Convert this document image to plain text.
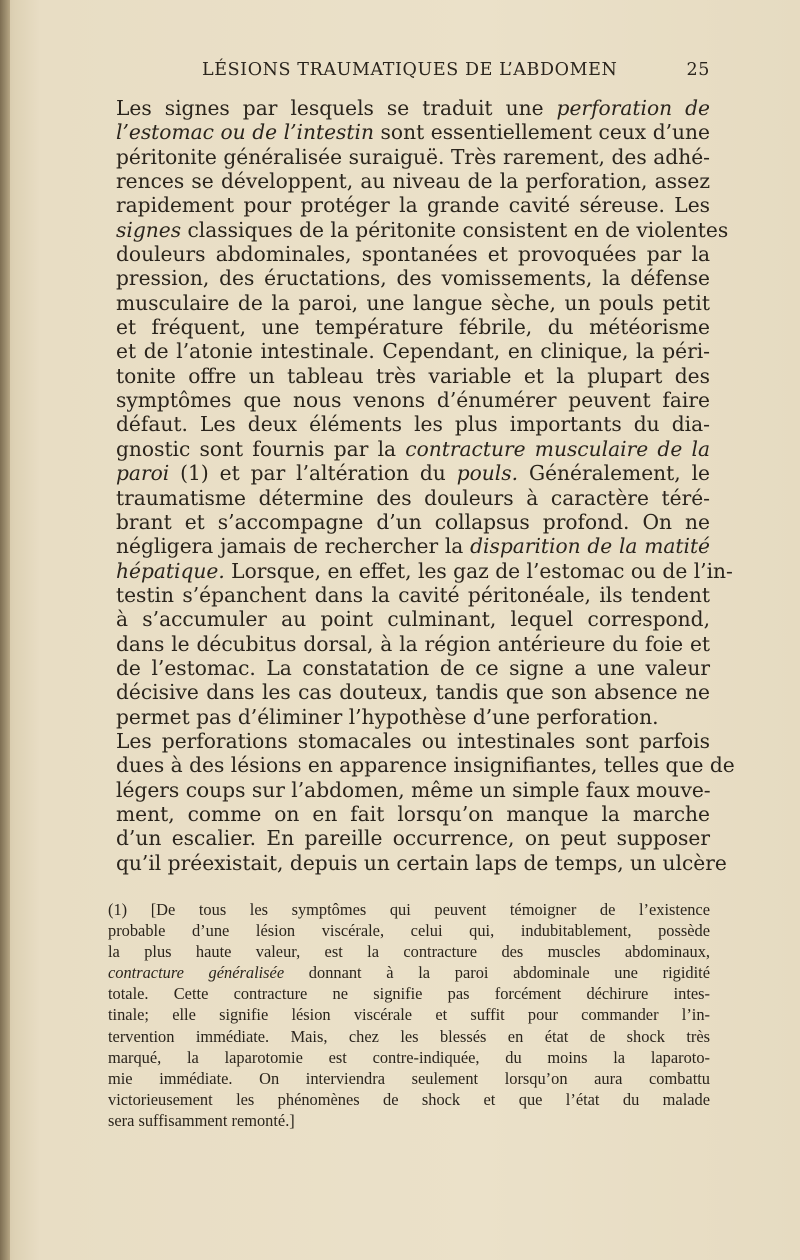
LÉSIONS TRAUMATIQUES DE L’ABDOMEN	25

Les signes par lesquels se traduit une perforation de
l’estomac ou de l’intestin sont essentiellement ceux d’une
péritonite généralisée suraiguë. Très rarement, des adhé-
rences se développent, au niveau de la perforation, assez
rapidement pour protéger la grande cavité séreuse. Les
signes classiques de la péritonite consistent en de violentes
douleurs abdominales, spontanées et provoquées par la
pression, des éructations, des vomissements, la défense
musculaire de la paroi, une langue sèche, un pouls petit
et fréquent, une température fébrile, du météorisme
et de l’atonie intestinale. Cependant, en clinique, la péri-
tonite offre un tableau très variable et la plupart des
symptômes que nous venons d’énumérer peuvent faire
défaut. Les deux éléments les plus importants du dia-
gnostic sont fournis par la contracture musculaire de la
paroi (1) et par l’altération du pouls. Généralement, le
traumatisme détermine des douleurs à caractère téré-
brant et s’accompagne d’un collapsus profond. On ne
négligera jamais de rechercher la disparition de la matité
hépatique. Lorsque, en effet, les gaz de l’estomac ou de l’in-
testin s’épanchent dans la cavité péritonéale, ils tendent
à s’accumuler au point culminant, lequel correspond,
dans le décubitus dorsal, à la région antérieure du foie et
de l’estomac. La constatation de ce signe a une valeur
décisive dans les cas douteux, tandis que son absence ne
permet pas d’éliminer l’hypothèse d’une perforation.

Les perforations stomacales ou intestinales sont parfois
dues à des lésions en apparence insignifiantes, telles que de
légers coups sur l’abdomen, même un simple faux mouve-
ment, comme on en fait lorsqu’on manque la marche
d’un escalier. En pareille occurrence, on peut supposer
qu’il préexistait, depuis un certain laps de temps, un ulcère

(1) [De tous les symptômes qui peuvent témoigner de l’existence
probable d’une lésion viscérale, celui qui, indubitablement, possède
la plus haute valeur, est la contracture des muscles abdominaux,
contracture généralisée donnant à la paroi abdominale une rigidité
totale. Cette contracture ne signifie pas forcément déchirure intes-
tinale; elle signifie lésion viscérale et suffit pour commander l’in-
tervention immédiate. Mais, chez les blessés en état de shock très
marqué, la laparotomie est contre-indiquée, du moins la laparoto-
mie immédiate. On interviendra seulement lorsqu’on aura combattu
victorieusement les phénomènes de shock et que l’état du malade
sera suffisamment remonté.]
